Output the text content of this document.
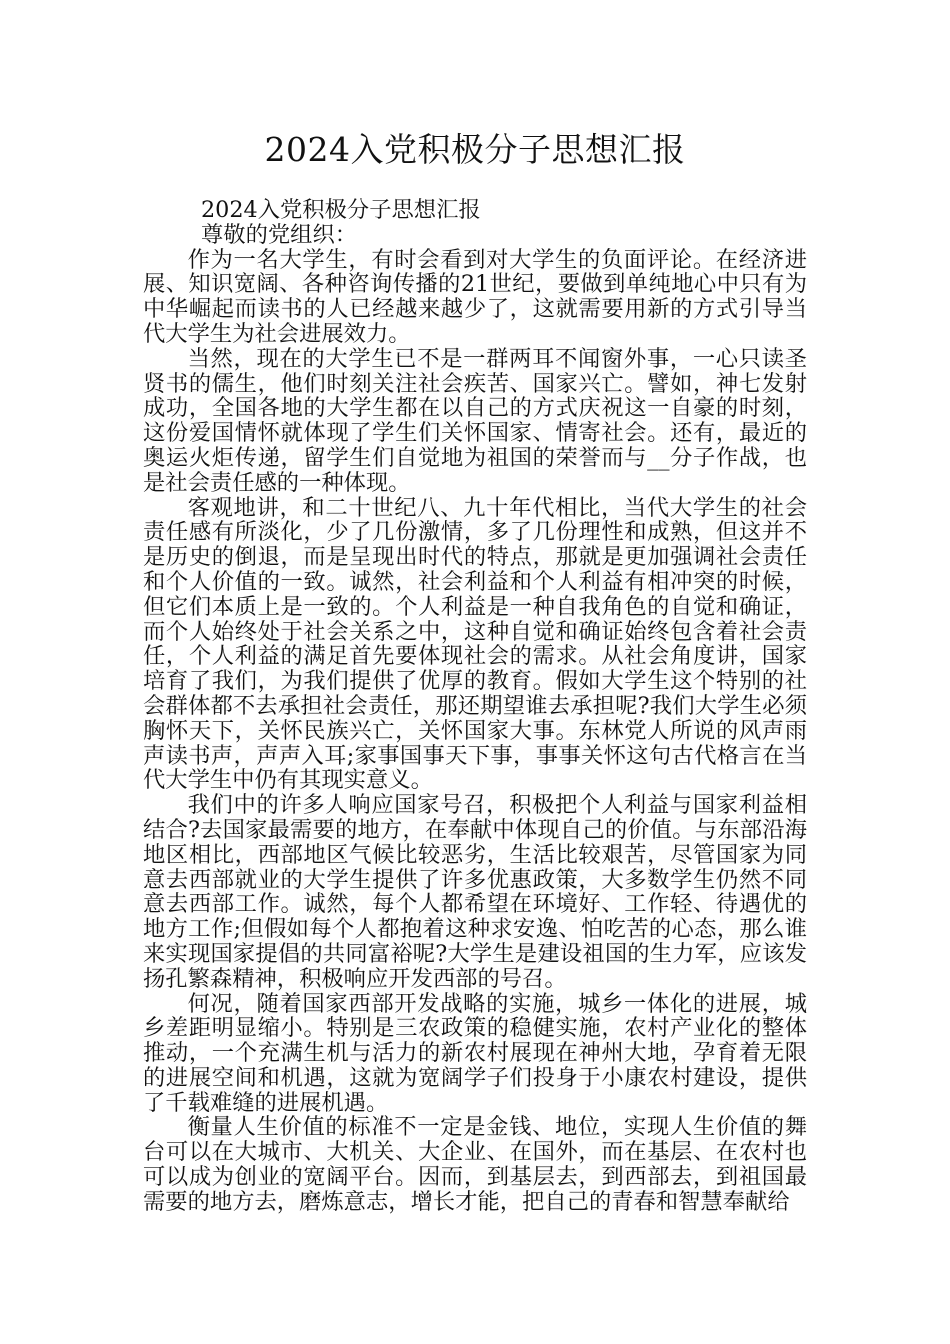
2024入党积极分子思想汇报

2024入党积极分子思想汇报

尊敬的党组织：

作为一名大学生，有时会看到对大学生的负面评论。在经济进展、知识宽阔、各种咨询传播的21世纪，要做到单纯地心中只有为中华崛起而读书的人已经越来越少了，这就需要用新的方式引导当代大学生为社会进展效力。

当然，现在的大学生已不是一群两耳不闻窗外事，一心只读圣贤书的儒生，他们时刻关注社会疾苦、国家兴亡。譬如，神七发射成功，全国各地的大学生都在以自己的方式庆祝这一自豪的时刻，这份爱国情怀就体现了学生们关怀国家、情寄社会。还有，最近的奥运火炬传递，留学生们自觉地为祖国的荣誉而与__分子作战，也是社会责任感的一种体现。

客观地讲，和二十世纪八、九十年代相比，当代大学生的社会责任感有所淡化，少了几份激情，多了几份理性和成熟，但这并不是历史的倒退，而是呈现出时代的特点，那就是更加强调社会责任和个人价值的一致。诚然，社会利益和个人利益有相冲突的时候，但它们本质上是一致的。个人利益是一种自我角色的自觉和确证，而个人始终处于社会关系之中，这种自觉和确证始终包含着社会责任，个人利益的满足首先要体现社会的需求。从社会角度讲，国家培育了我们，为我们提供了优厚的教育。假如大学生这个特别的社会群体都不去承担社会责任，那还期望谁去承担呢?我们大学生必须胸怀天下，关怀民族兴亡，关怀国家大事。东林党人所说的风声雨声读书声，声声入耳;家事国事天下事，事事关怀这句古代格言在当代大学生中仍有其现实意义。

我们中的许多人响应国家号召，积极把个人利益与国家利益相结合?去国家最需要的地方，在奉献中体现自己的价值。与东部沿海地区相比，西部地区气候比较恶劣，生活比较艰苦，尽管国家为同意去西部就业的大学生提供了许多优惠政策，大多数学生仍然不同意去西部工作。诚然，每个人都希望在环境好、工作轻、待遇优的地方工作;但假如每个人都抱着这种求安逸、怕吃苦的心态，那么谁来实现国家提倡的共同富裕呢?大学生是建设祖国的生力军，应该发扬孔繁森精神，积极响应开发西部的号召。

何况，随着国家西部开发战略的实施，城乡一体化的进展，城乡差距明显缩小。特别是三农政策的稳健实施，农村产业化的整体推动，一个充满生机与活力的新农村展现在神州大地，孕育着无限的进展空间和机遇，这就为宽阔学子们投身于小康农村建设，提供了千载难缝的进展机遇。

衡量人生价值的标准不一定是金钱、地位，实现人生价值的舞台可以在大城市、大机关、大企业、在国外，而在基层、在农村也可以成为创业的宽阔平台。因而，到基层去，到西部去，到祖国最需要的地方去，磨炼意志，增长才能，把自己的青春和智慧奉献给
